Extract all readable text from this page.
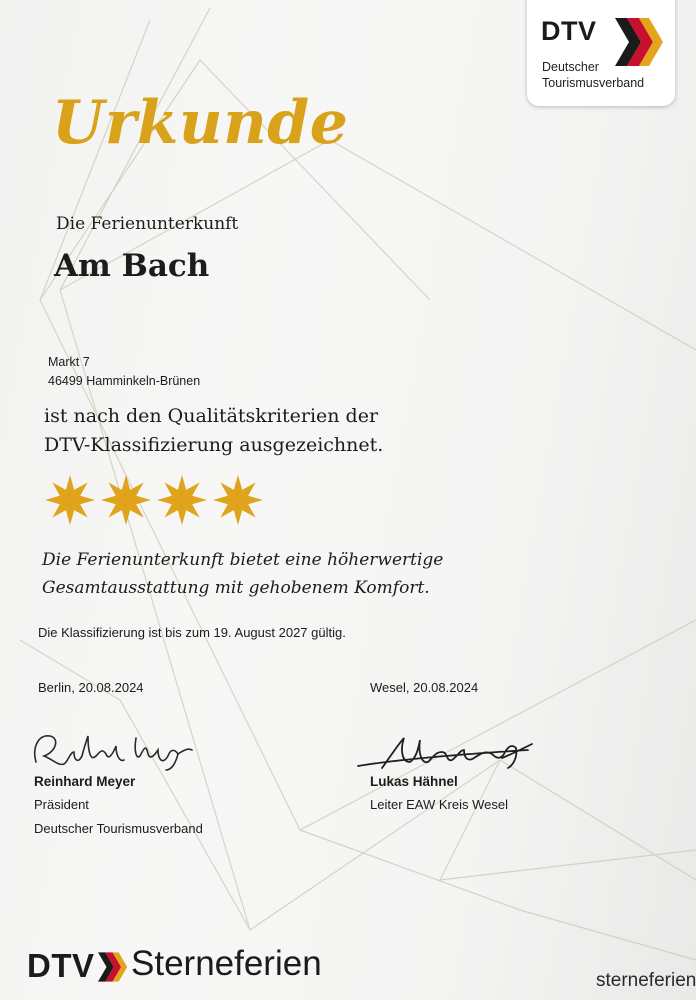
DTV
Deutscher
Tourismusverband
Urkunde
Die Ferienunterkunft
Am Bach
Markt 7
46499 Hamminkeln-Brünen
ist nach den Qualitätskriterien der
DTV-Klassifizierung ausgezeichnet.
Die Ferienunterkunft bietet eine höherwertige
Gesamtausstattung mit gehobenem Komfort.
Die Klassifizierung ist bis zum 19. August 2027 gültig.
Berlin, 20.08.2024	Wesel, 20.08.2024
Reinhard Meyer
Präsident
Deutscher Tourismusverband
Lukas Hähnel
Leiter EAW Kreis Wesel
DTV Sterneferien	sterneferien
